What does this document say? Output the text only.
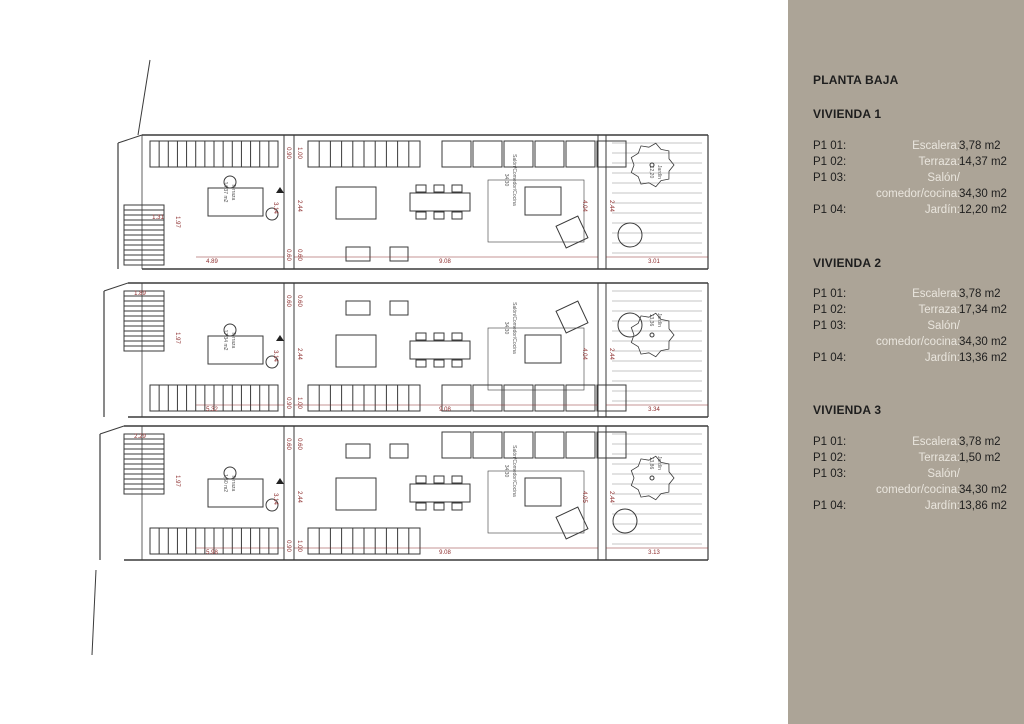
Terraza
14,37 m2	Salón/Comedor/Cocina
34,30
Jardín
12,20
4.89	9.08	3.01
1.31 1.97
3.14
0.90
0.60
1.00
2.44
0.60
4.04	2.44
Terraza
17,34 m2	Salón/Comedor/Cocina
34,30
Jardín
13,36
5.32	9.08	3.34
1.89
1.97
3.14
0.60
0.90
0.60
2.44
1.00
4.04	2.44
Terraza
1,50 m2	Salón/Comedor/Cocina
34,30
Jardín
13,86
5.98	9.08	3.13
2.29
1.97
3.14
0.60
0.90
0.60
2.44
1.00
4.05	2.44
PLANTA BAJA
VIVIENDA 1
P1 01:	Escalera: 3,78 m2
P1 02:	Terraza: 14,37 m2
P1 03:	Salón/
comedor/cocina:
34,30 m2
P1 04:	Jardín: 12,20 m2
VIVIENDA 2
P1 01:	Escalera: 3,78 m2
P1 02:	Terraza: 17,34 m2
P1 03:	Salón/
comedor/cocina:
34,30 m2
P1 04:	Jardín: 13,36 m2
VIVIENDA 3
P1 01:	Escalera: 3,78 m2
P1 02:	Terraza: 1,50 m2
P1 03:	Salón/
comedor/cocina:
34,30 m2
P1 04:	Jardín: 13,86 m2
